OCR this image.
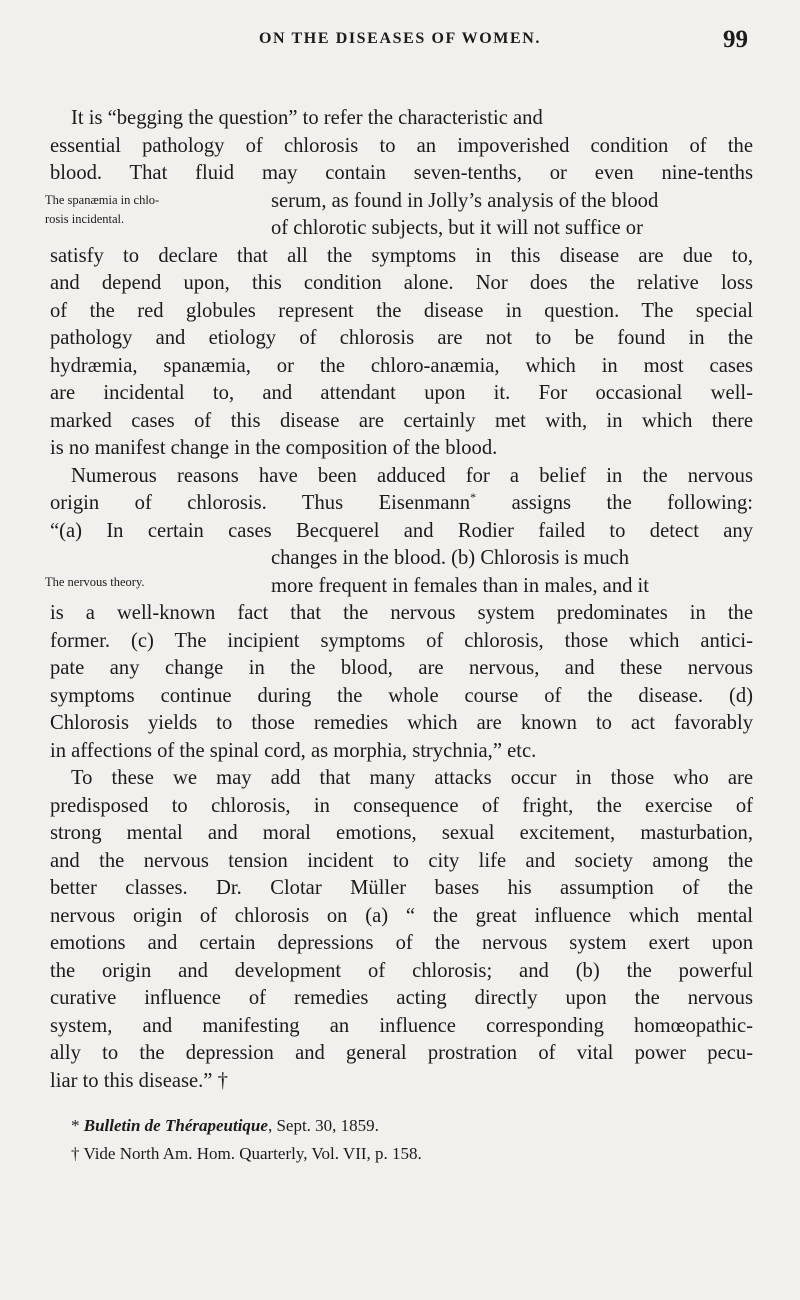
ON THE DISEASES OF WOMEN.	99
The spanæmia in chlo-
rosis incidental.
The nervous theory.
It is “begging the question” to refer the characteristic and
essential pathology of chlorosis to an impoverished condition of the
blood. That fluid may contain seven-tenths, or even nine-tenths
serum, as found in Jolly’s analysis of the blood
of chlorotic subjects, but it will not suffice or
satisfy to declare that all the symptoms in this disease are due to,
and depend upon, this condition alone. Nor does the relative loss
of the red globules represent the disease in question. The special
pathology and etiology of chlorosis are not to be found in the
hydræmia, spanæmia, or the chloro-anæmia, which in most cases
are incidental to, and attendant upon it. For occasional well-
marked cases of this disease are certainly met with, in which there
is no manifest change in the composition of the blood.
Numerous reasons have been adduced for a belief in the nervous
origin of chlorosis. Thus Eisenmann* assigns the following:
“(a) In certain cases Becquerel and Rodier failed to detect any
changes in the blood. (b) Chlorosis is much
more frequent in females than in males, and it
is a well-known fact that the nervous system predominates in the
former. (c) The incipient symptoms of chlorosis, those which antici-
pate any change in the blood, are nervous, and these nervous
symptoms continue during the whole course of the disease. (d)
Chlorosis yields to those remedies which are known to act favorably
in affections of the spinal cord, as morphia, strychnia,” etc.
To these we may add that many attacks occur in those who are
predisposed to chlorosis, in consequence of fright, the exercise of
strong mental and moral emotions, sexual excitement, masturbation,
and the nervous tension incident to city life and society among the
better classes. Dr. Clotar Müller bases his assumption of the
nervous origin of chlorosis on (a) “ the great influence which mental
emotions and certain depressions of the nervous system exert upon
the origin and development of chlorosis; and (b) the powerful
curative influence of remedies acting directly upon the nervous
system, and manifesting an influence corresponding homœopathic-
ally to the depression and general prostration of vital power pecu-
liar to this disease.” †
* Bulletin de Thérapeutique, Sept. 30, 1859.
† Vide North Am. Hom. Quarterly, Vol. VII, p. 158.
